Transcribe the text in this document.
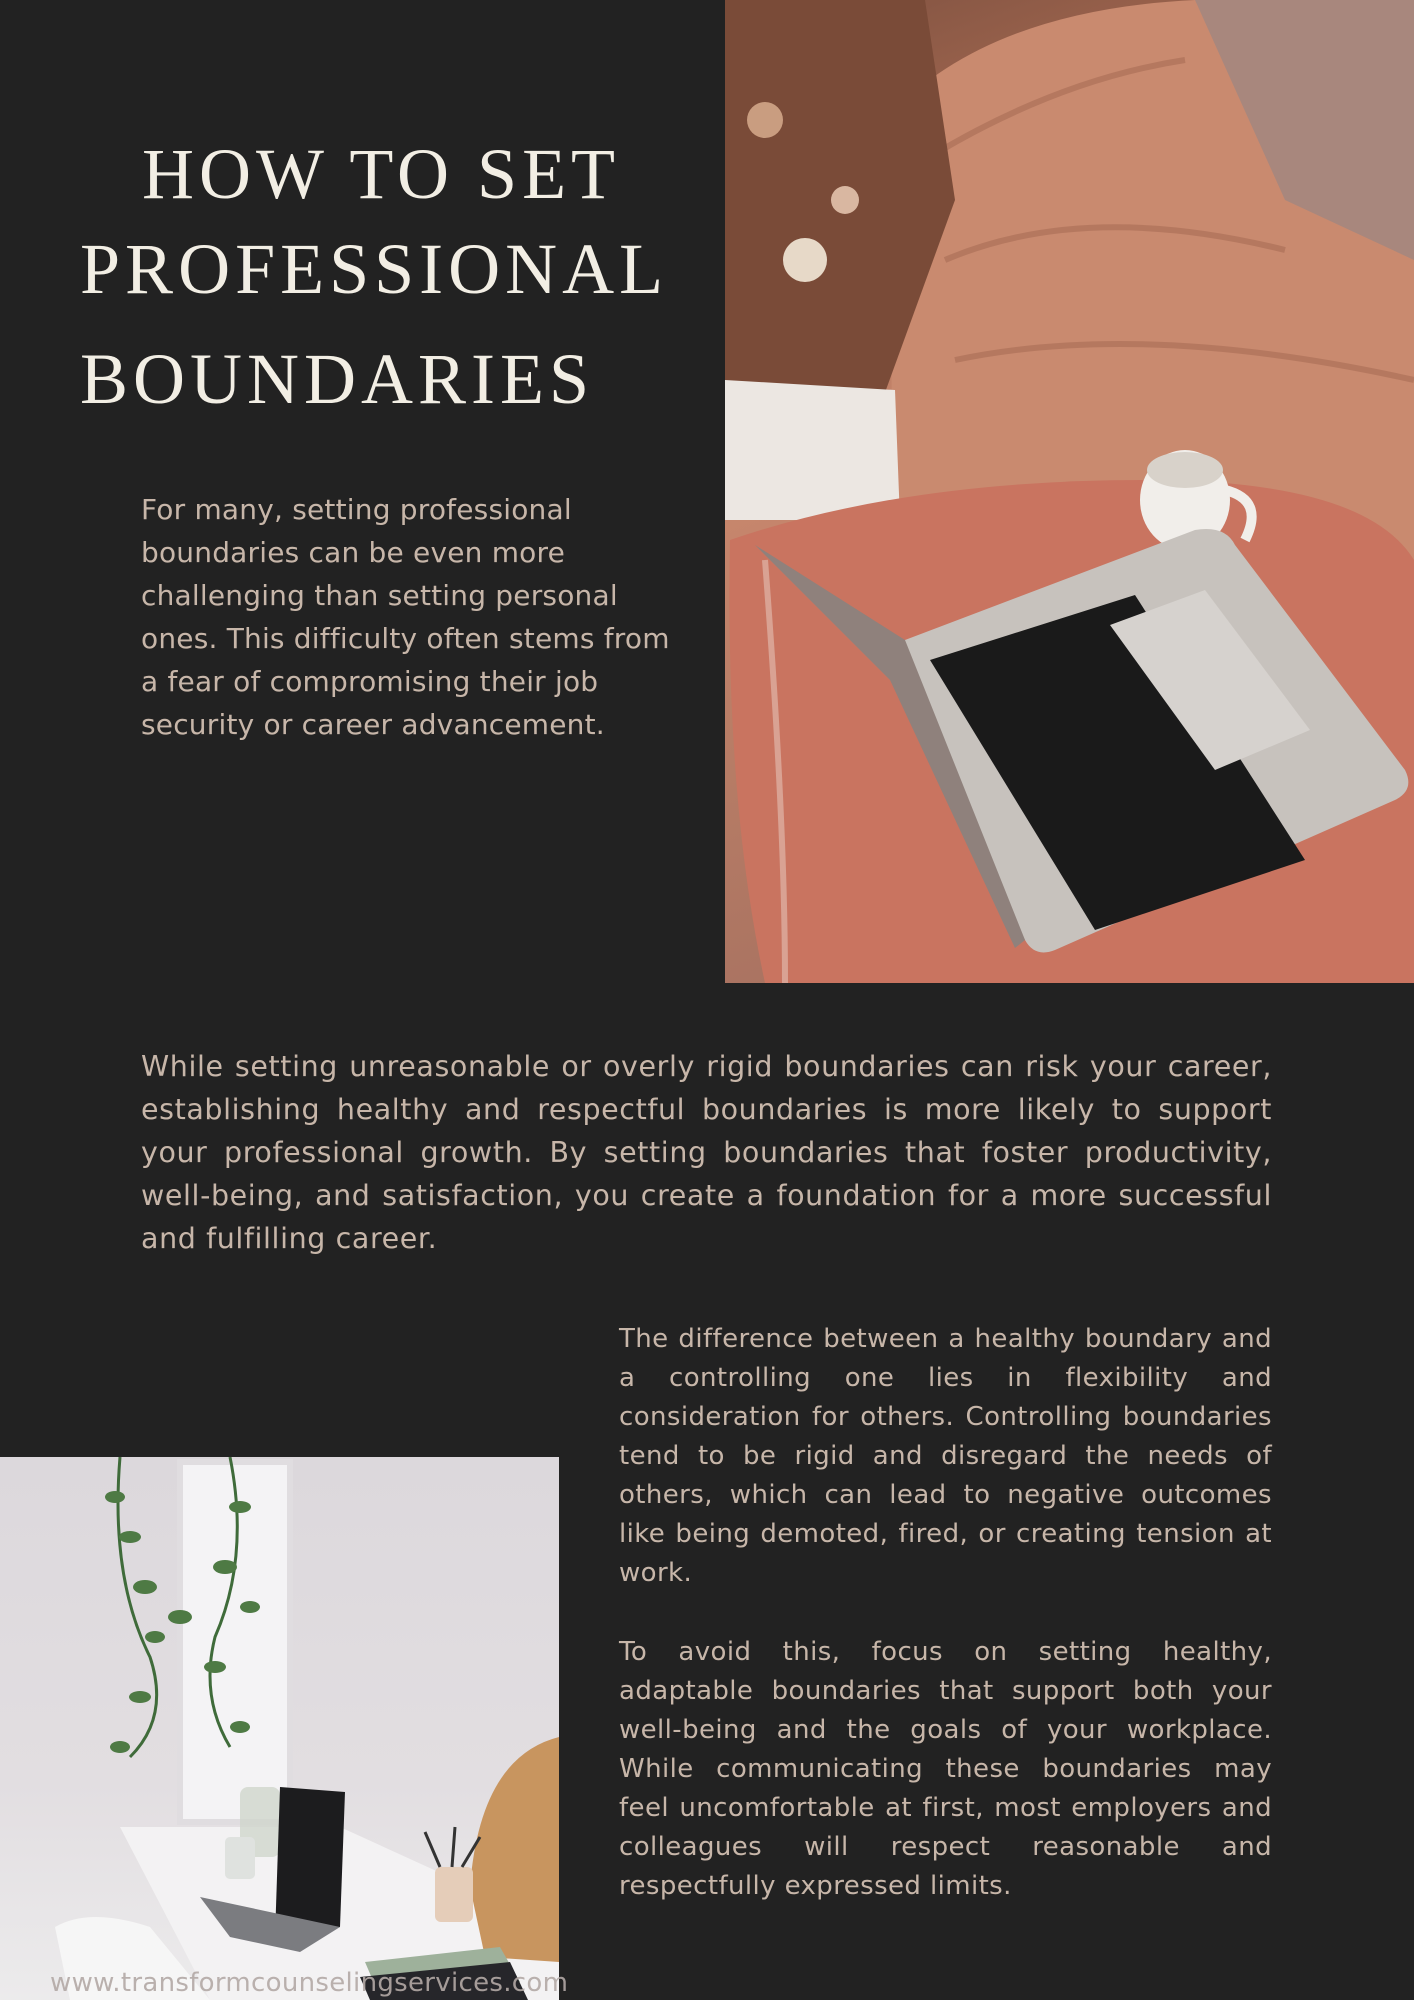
HOW TO SET
PROFESSIONAL
BOUNDARIES

For many, setting professional boundaries can be even more challenging than setting personal ones. This difficulty often stems from a fear of compromising their job security or career advancement.

While setting unreasonable or overly rigid boundaries can risk your career, establishing healthy and respectful boundaries is more likely to support your professional growth. By setting boundaries that foster productivity, well-being, and satisfaction, you create a foundation for a more successful and fulfilling career.

The difference between a healthy boundary and a controlling one lies in flexibility and consideration for others. Controlling boundaries tend to be rigid and disregard the needs of others, which can lead to negative outcomes like being demoted, fired, or creating tension at work.

To avoid this, focus on setting healthy, adaptable boundaries that support both your well-being and the goals of your workplace. While communicating these boundaries may feel uncomfortable at first, most employers and colleagues will respect reasonable and respectfully expressed limits.

www.transformcounselingservices.com
